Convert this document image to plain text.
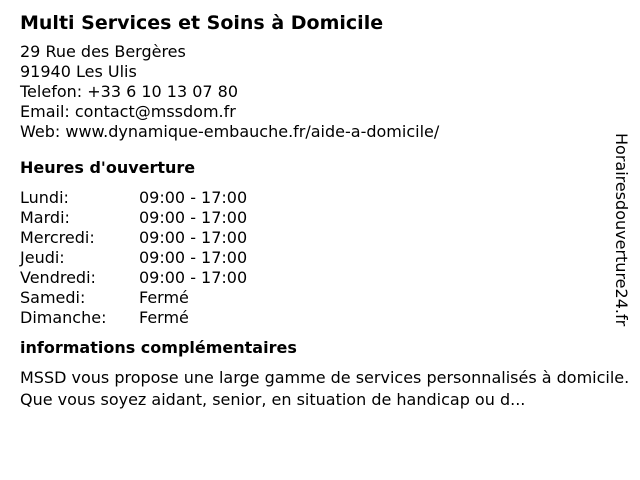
Multi Services et Soins à Domicile
29 Rue des Bergères
91940 Les Ulis
Telefon: +33 6 10 13 07 80
Email: contact@mssdom.fr
Web: www.dynamique-embauche.fr/aide-a-domicile/
Heures d'ouverture
Lundi:	09:00 - 17:00
Mardi:	09:00 - 17:00
Mercredi:	09:00 - 17:00
Jeudi:	09:00 - 17:00
Vendredi:	09:00 - 17:00
Samedi:	Fermé
Dimanche:	Fermé
informations complémentaires
MSSD vous propose une large gamme de services personnalisés à domicile. Que vous soyez aidant, senior, en situation de handicap ou d...
Horairesdouverture24.fr
